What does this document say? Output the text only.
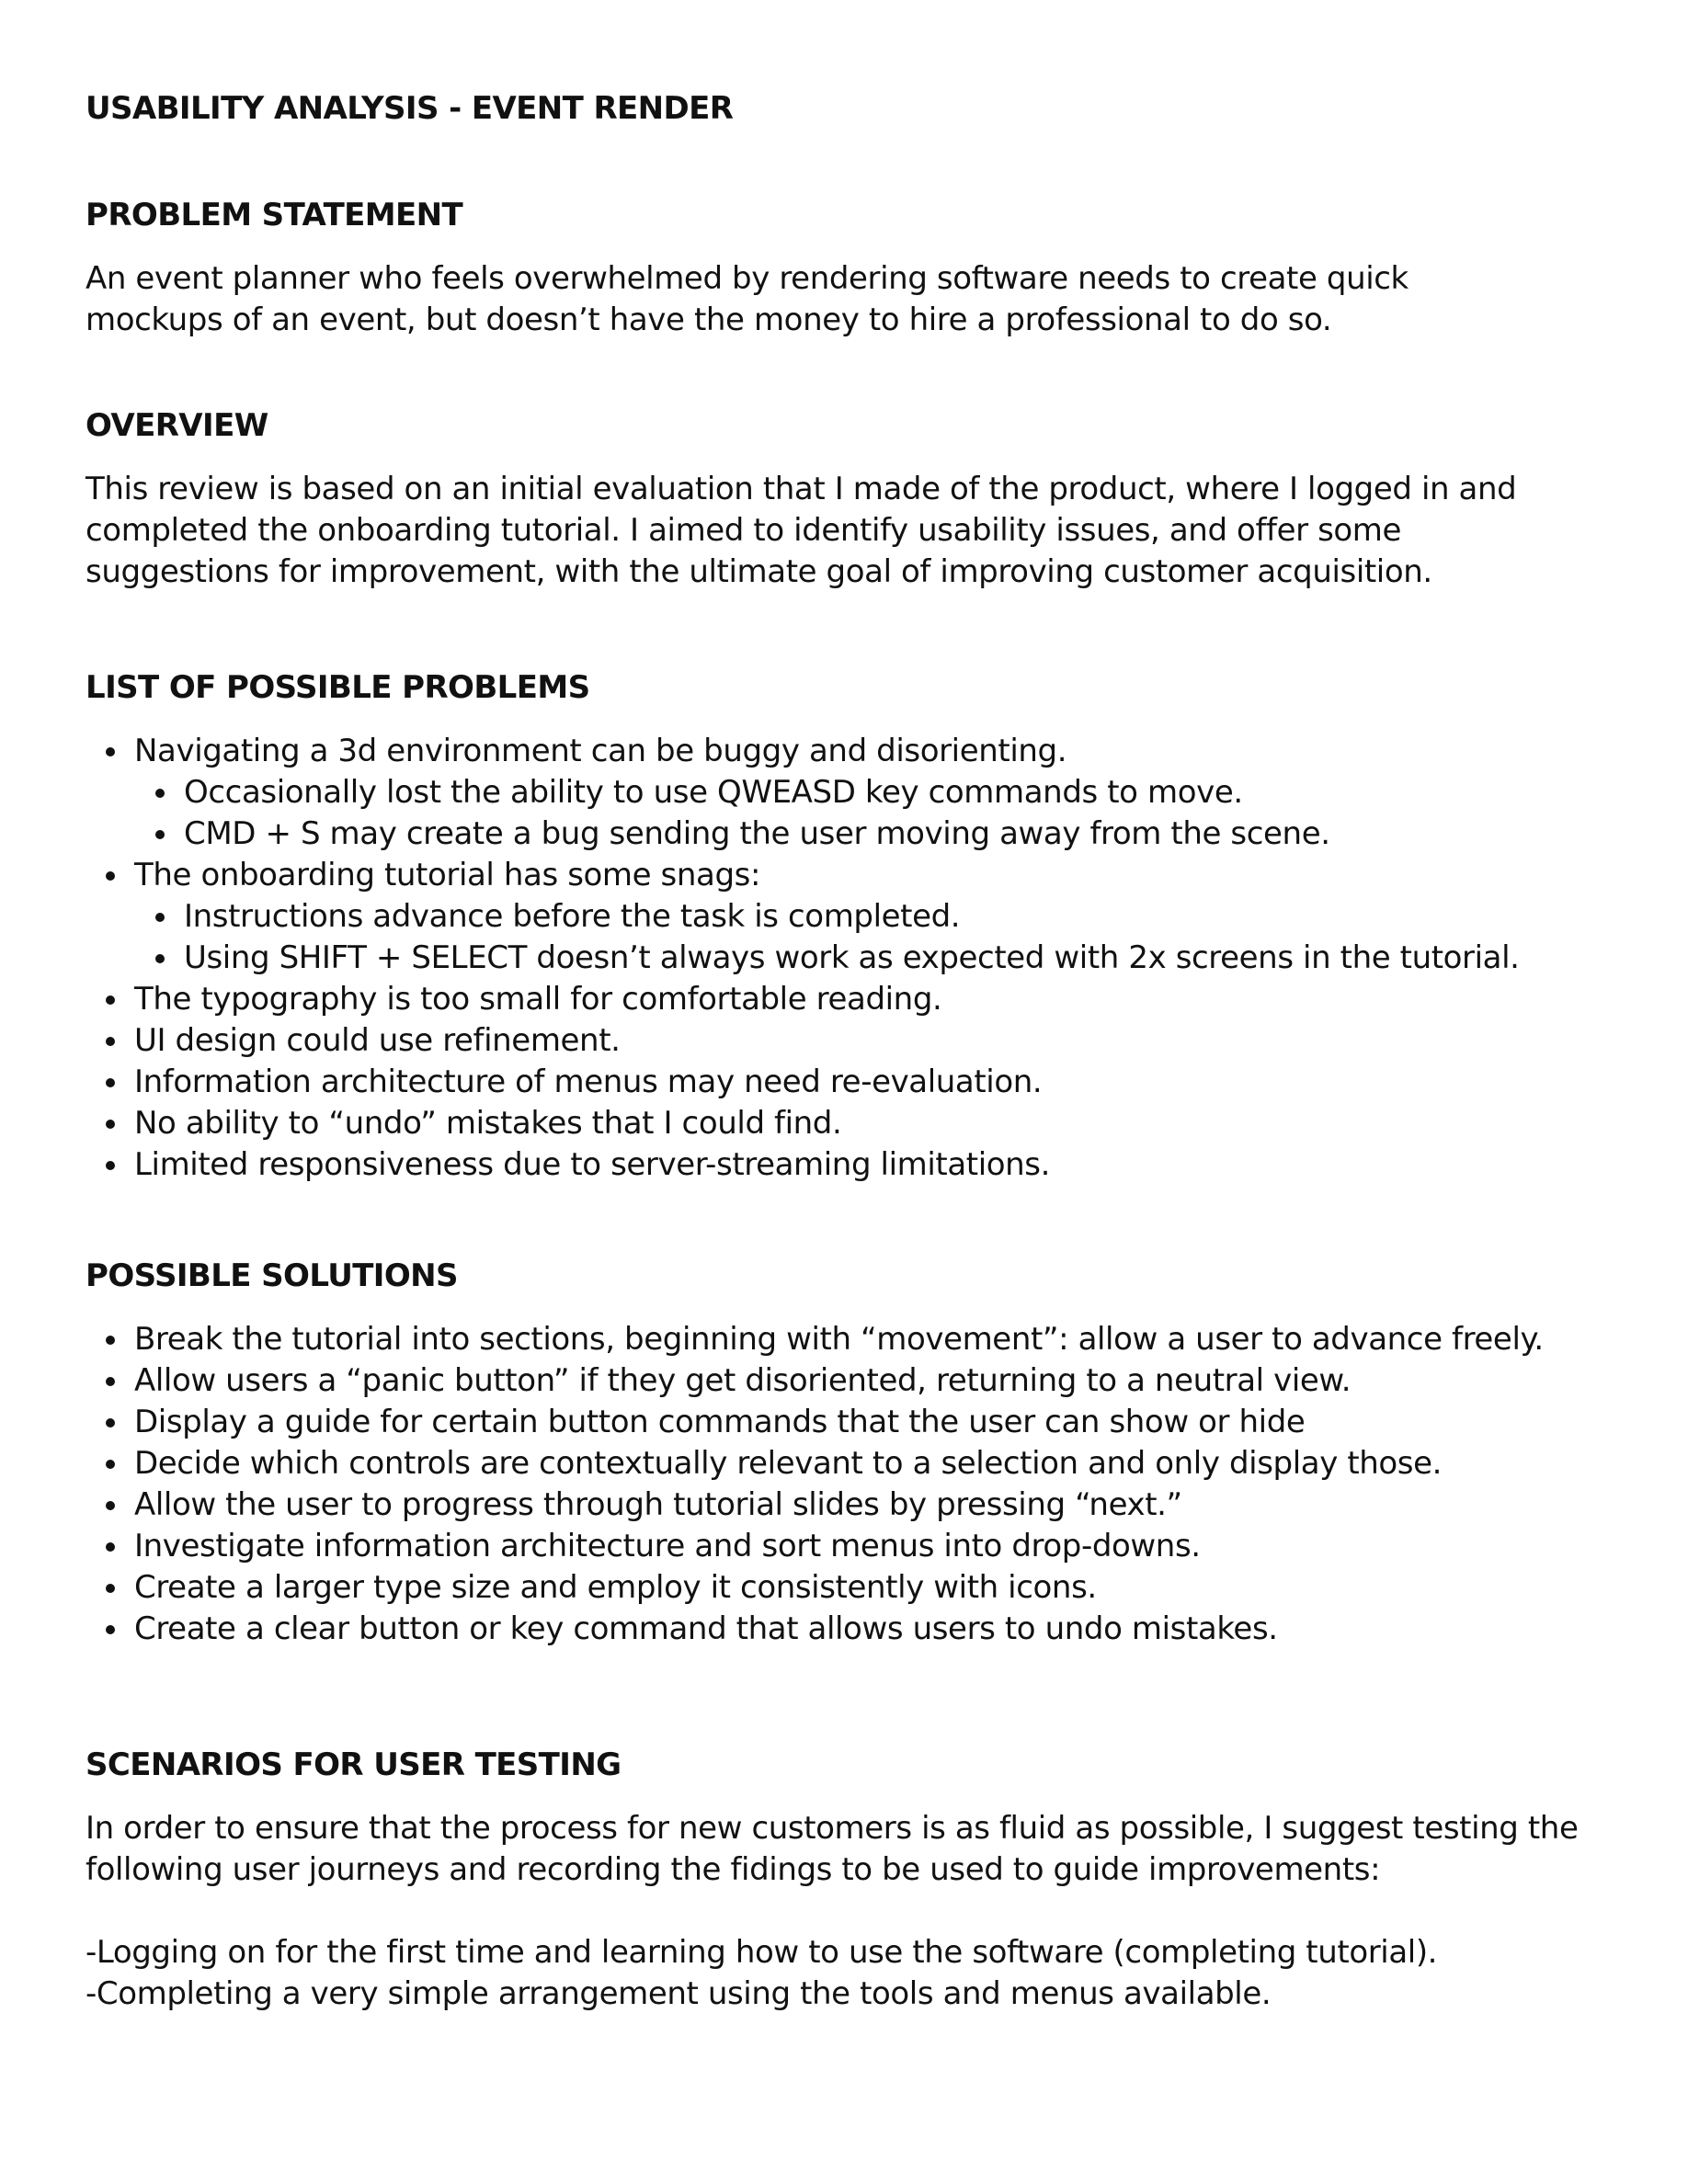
USABILITY ANALYSIS - EVENT RENDER
PROBLEM STATEMENT

An event planner who feels overwhelmed by rendering software needs to create quick

mockups of an event, but doesn’t have the money to hire a professional to do so.

OVERVIEW

This review is based on an initial evaluation that I made of the product, where I logged in and

completed the onboarding tutorial. I aimed to identify usability issues, and offer some

suggestions for improvement, with the ultimate goal of improving customer acquisition.

LIST OF POSSIBLE PROBLEMS
Navigating a 3d environment can be buggy and disorienting.
Occasionally lost the ability to use QWEASD key commands to move.
CMD + S may create a bug sending the user moving away from the scene.
The onboarding tutorial has some snags:
Instructions advance before the task is completed.
Using SHIFT + SELECT doesn’t always work as expected with 2x screens in the tutorial.
The typography is too small for comfortable reading.
UI design could use refinement.
Information architecture of menus may need re-evaluation.
No ability to “undo” mistakes that I could find.
Limited responsiveness due to server-streaming limitations.
POSSIBLE SOLUTIONS
Break the tutorial into sections, beginning with “movement”: allow a user to advance freely.
Allow users a “panic button” if they get disoriented, returning to a neutral view.
Display a guide for certain button commands that the user can show or hide
Decide which controls are contextually relevant to a selection and only display those.
Allow the user to progress through tutorial slides by pressing “next.”
Investigate information architecture and sort menus into drop-downs.
Create a larger type size and employ it consistently with icons.
Create a clear button or key command that allows users to undo mistakes.
SCENARIOS FOR USER TESTING

In order to ensure that the process for new customers is as fluid as possible, I suggest testing the

following user journeys and recording the fidings to be used to guide improvements:

-Logging on for the first time and learning how to use the software (completing tutorial).

-Completing a very simple arrangement using the tools and menus available.
